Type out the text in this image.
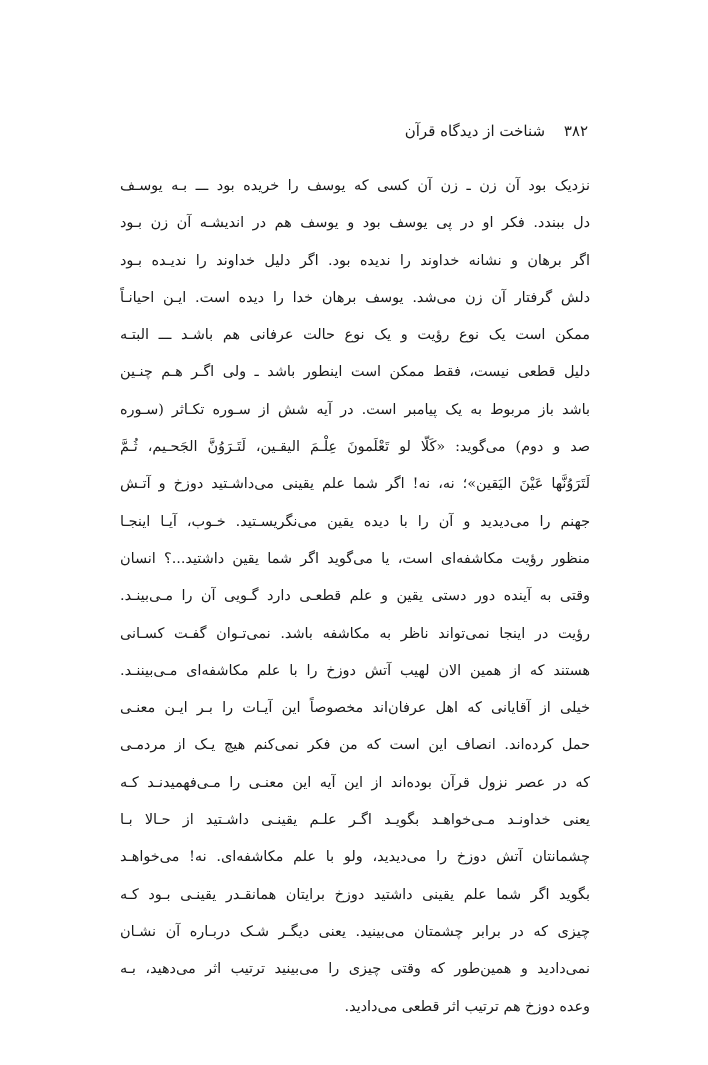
۳۸۲ شناخت از دیدگاه قرآن
نزدیک بود آن زن ـ زن آن کسی که یوسف را خریده بود ـــ بـه یوسـف
دل ببندد. فکر او در پی یوسف بود و یوسف هم در اندیشـه آن زن بـود
اگر برهان و نشانه خداوند را ندیده بود. اگر دلیل خداوند را ندیـده بـود
دلش گرفتار آن زن می‌شد. یوسف برهان خدا را دیده است. ایـن احیانـاً
ممکن است یک نوع رؤیت و یک نوع حالت عرفانی هم باشـد ـــ البتـه
دلیل قطعی نیست، فقط ممکن است اینطور باشد ـ ولی اگـر هـم چنـین
باشد باز مربوط به یک پیامبر است. در آیه شش از سـوره تکـاثر (سـوره
صد و دوم) می‌گوید: «كَلّا لو تَعْلَمونَ عِلْـمَ اليقـين، لَتَـرَوُنَّ الجَحـيم، ثُـمَّ
لَتَرَوُنَّها عَيْنَ اليَقين»؛ نه، نه! اگر شما علم یقینی می‌داشـتید دوزخ و آتـش
جهنم را می‌دیدید و آن را با دیده یقین می‌نگریسـتید. خـوب، آیـا اینجـا
منظور رؤیت مکاشفه‌ای است، یا می‌گوید اگر شما یقین داشتید...؟ انسان
وقتی به آینده دور دستی یقین و علم قطعـی دارد گـویی آن را مـی‌بینـد.
رؤیت در اینجا نمی‌تواند ناظر به مکاشفه باشد. نمی‌تـوان گفـت کسـانی
هستند که از همین الان لهیب آتش دوزخ را با علم مکاشفه‌ای مـی‌بیننـد.
خیلی از آقایانی که اهل عرفان‌اند مخصوصاً این آیـات را بـر ایـن معنـی
حمل کرده‌اند. انصاف این است که من فکر نمی‌کنم هیچ یـک از مردمـی
که در عصر نزول قرآن بوده‌اند از این آیه این معنـی را مـی‌فهمیدنـد کـه
یعنی خداونـد مـی‌خواهـد بگویـد اگـر علـم یقینـی داشـتید از حـالا بـا
چشمانتان آتش دوزخ را می‌دیدید، ولو با علم مکاشفه‌ای. نه! می‌خواهـد
بگوید اگر شما علم یقینی داشتید دوزخ برایتان همانقـدر یقینـی بـود کـه
چیزی که در برابر چشمتان می‌بینید. یعنی دیگـر شـک دربـاره آن نشـان
نمی‌دادید و همین‌طور که وقتی چیزی را می‌بینید ترتیب اثر می‌دهید، بـه
وعده دوزخ هم ترتیب اثر قطعی می‌دادید.
